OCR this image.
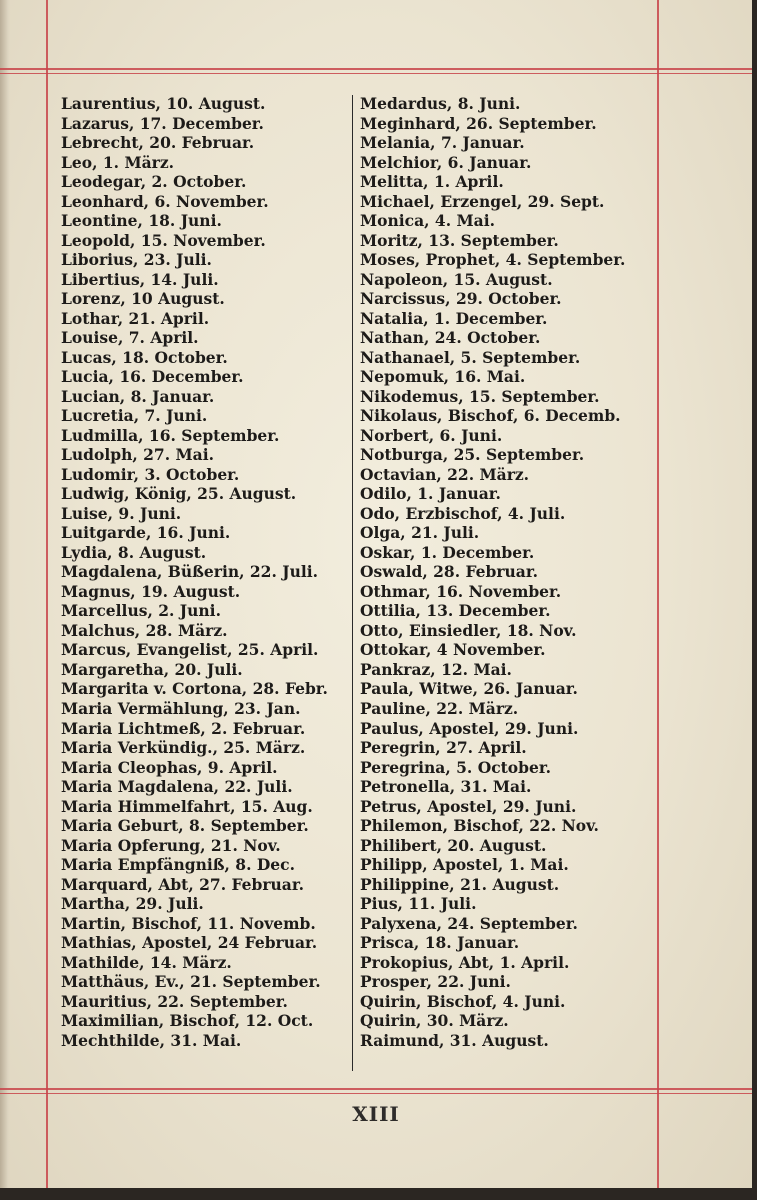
Laurentius, 10. August.
Lazarus, 17. December.
Lebrecht, 20. Februar.
Leo, 1. März.
Leodegar, 2. October.
Leonhard, 6. November.
Leontine, 18. Juni.
Leopold, 15. November.
Liborius, 23. Juli.
Libertius, 14. Juli.
Lorenz, 10 August.
Lothar, 21. April.
Louise, 7. April.
Lucas, 18. October.
Lucia, 16. December.
Lucian, 8. Januar.
Lucretia, 7. Juni.
Ludmilla, 16. September.
Ludolph, 27. Mai.
Ludomir, 3. October.
Ludwig, König, 25. August.
Luise, 9. Juni.
Luitgarde, 16. Juni.
Lydia, 8. August.
Magdalena, Büßerin, 22. Juli.
Magnus, 19. August.
Marcellus, 2. Juni.
Malchus, 28. März.
Marcus, Evangelist, 25. April.
Margaretha, 20. Juli.
Margarita v. Cortona, 28. Febr.
Maria Vermählung, 23. Jan.
Maria Lichtmeß, 2. Februar.
Maria Verkündig., 25. März.
Maria Cleophas, 9. April.
Maria Magdalena, 22. Juli.
Maria Himmelfahrt, 15. Aug.
Maria Geburt, 8. September.
Maria Opferung, 21. Nov.
Maria Empfängniß, 8. Dec.
Marquard, Abt, 27. Februar.
Martha, 29. Juli.
Martin, Bischof, 11. Novemb.
Mathias, Apostel, 24 Februar.
Mathilde, 14. März.
Matthäus, Ev., 21. September.
Mauritius, 22. September.
Maximilian, Bischof, 12. Oct.
Mechthilde, 31. Mai.
Medardus, 8. Juni.
Meginhard, 26. September.
Melania, 7. Januar.
Melchior, 6. Januar.
Melitta, 1. April.
Michael, Erzengel, 29. Sept.
Monica, 4. Mai.
Moritz, 13. September.
Moses, Prophet, 4. September.
Napoleon, 15. August.
Narcissus, 29. October.
Natalia, 1. December.
Nathan, 24. October.
Nathanael, 5. September.
Nepomuk, 16. Mai.
Nikodemus, 15. September.
Nikolaus, Bischof, 6. Decemb.
Norbert, 6. Juni.
Notburga, 25. September.
Octavian, 22. März.
Odilo, 1. Januar.
Odo, Erzbischof, 4. Juli.
Olga, 21. Juli.
Oskar, 1. December.
Oswald, 28. Februar.
Othmar, 16. November.
Ottilia, 13. December.
Otto, Einsiedler, 18. Nov.
Ottokar, 4 November.
Pankraz, 12. Mai.
Paula, Witwe, 26. Januar.
Pauline, 22. März.
Paulus, Apostel, 29. Juni.
Peregrin, 27. April.
Peregrina, 5. October.
Petronella, 31. Mai.
Petrus, Apostel, 29. Juni.
Philemon, Bischof, 22. Nov.
Philibert, 20. August.
Philipp, Apostel, 1. Mai.
Philippine, 21. August.
Pius, 11. Juli.
Palyxena, 24. September.
Prisca, 18. Januar.
Prokopius, Abt, 1. April.
Prosper, 22. Juni.
Quirin, Bischof, 4. Juni.
Quirin, 30. März.
Raimund, 31. August.
XIII
